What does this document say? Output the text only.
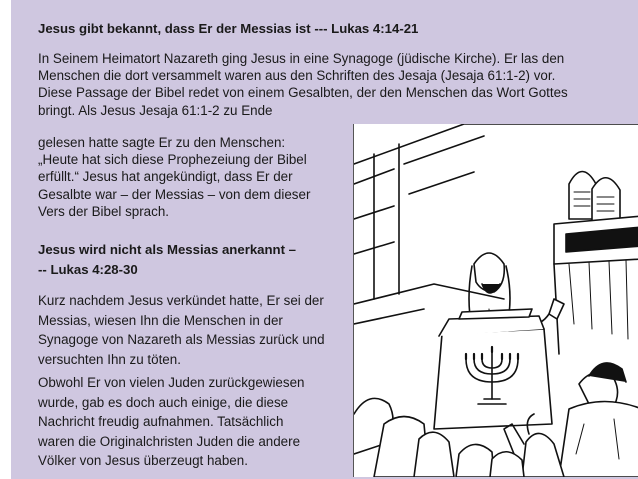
Jesus gibt bekannt, dass Er der Messias ist --- Lukas 4:14-21

In Seinem Heimatort Nazareth ging Jesus in eine Synagoge (jüdische Kirche). Er las den
Menschen die dort versammelt waren aus den Schriften des Jesaja (Jesaja 61:1-2) vor.
Diese Passage der Bibel redet von einem Gesalbten, der den Menschen das Wort Gottes
bringt. Als Jesus Jesaja 61:1-2 zu Ende
gelesen hatte sagte Er zu den Menschen:
„Heute hat sich diese Prophezeiung der Bibel
erfüllt.“ Jesus hat angekündigt, dass Er der
Gesalbte war – der Messias – von dem dieser
Vers der Bibel sprach.
Jesus wird nicht als Messias anerkannt –
-- Lukas 4:28-30
Kurz nachdem Jesus verkündet hatte, Er sei der
Messias, wiesen Ihn die Menschen in der
Synagoge von Nazareth als Messias zurück und
versuchten Ihn zu töten.
Obwohl Er von vielen Juden zurückgewiesen
wurde, gab es doch auch einige, die diese
Nachricht freudig aufnahmen. Tatsächlich
waren die Originalchristen Juden die andere
Völker von Jesus überzeugt haben.
